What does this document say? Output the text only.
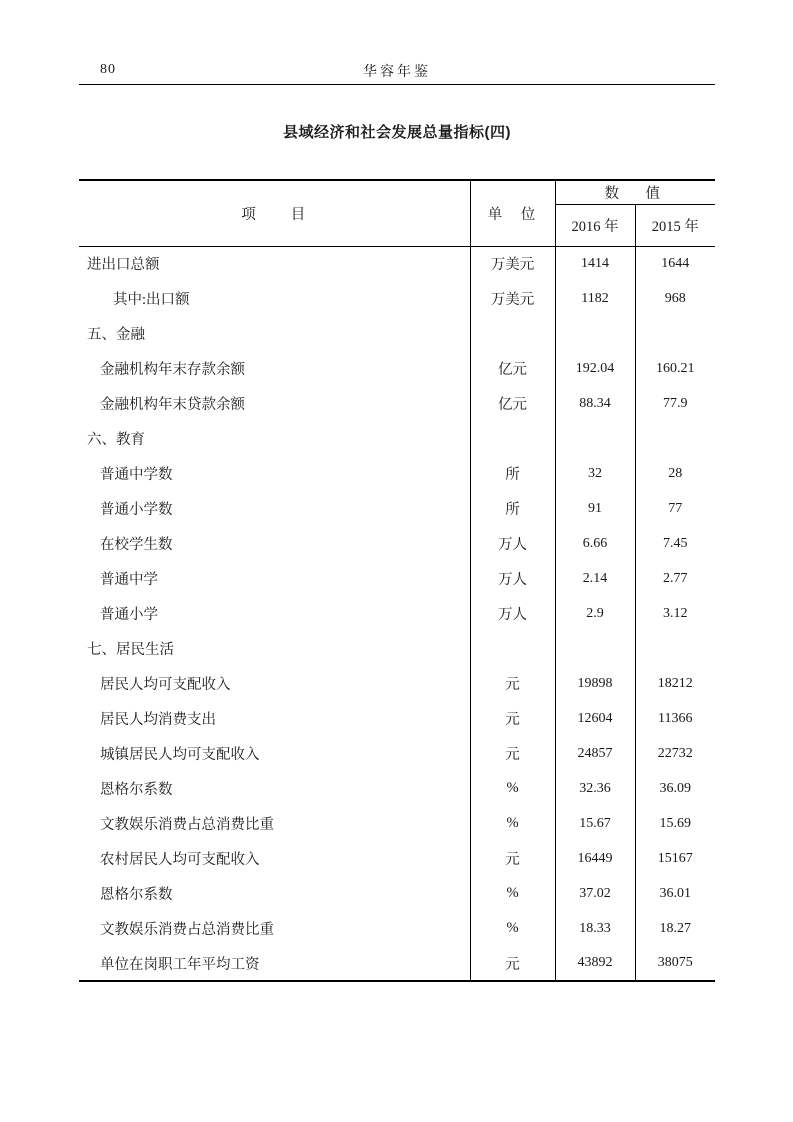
80	华容年鉴
县域经济和社会发展总量指标(四)
项　　目	单　位	数　值	
		2016 年	2015 年
进出口总额	万美元	1414	1644
其中:出口额	万美元	1182	968
五、金融			
金融机构年末存款余额	亿元	192.04	160.21
金融机构年末贷款余额	亿元	88.34	77.9
六、教育			
普通中学数	所	32	28
普通小学数	所	91	77
在校学生数	万人	6.66	7.45
普通中学	万人	2.14	2.77
普通小学	万人	2.9	3.12
七、居民生活			
居民人均可支配收入	元	19898	18212
居民人均消费支出	元	12604	11366
城镇居民人均可支配收入	元	24857	22732
恩格尔系数	%	32.36	36.09
文教娱乐消费占总消费比重	%	15.67	15.69
农村居民人均可支配收入	元	16449	15167
恩格尔系数	%	37.02	36.01
文教娱乐消费占总消费比重	%	18.33	18.27
单位在岗职工年平均工资	元	43892	38075
